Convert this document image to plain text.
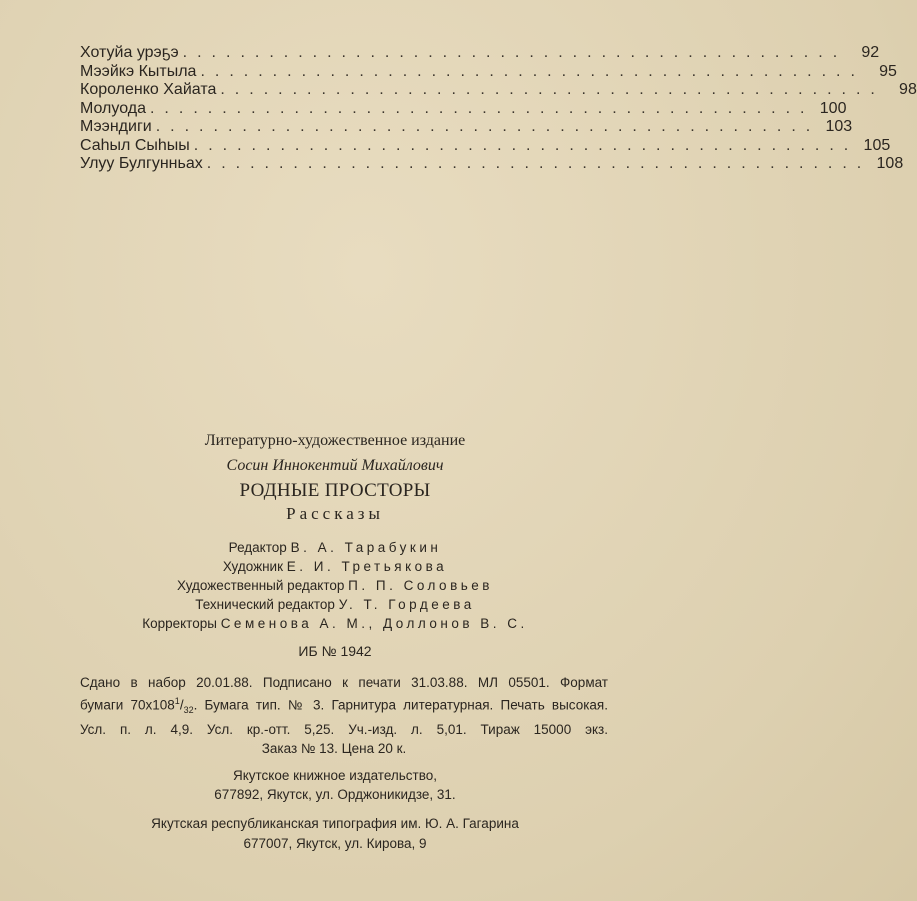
Хотуйа урэҕэ .............................................. 92
Мээйкэ Кытыла .............................................. 95
Короленко Хайата .............................................. 98
Молуода .............................................. 100
Мээндиги .............................................. 103
Саһыл Сыһыы .............................................. 105
Улуу Булгунньах .............................................. 108

Литературно-художественное издание

Сосин Иннокентий Михайлович

РОДНЫЕ ПРОСТОРЫ

Рассказы

Редактор В. А. Тарабукин
Художник Е. И. Третьякова
Художественный редактор П. П. Соловьев
Технический редактор У. Т. Гордеева
Корректоры Семенова А. М., Доллонов В. С.

ИБ № 1942

Сдано в набор 20.01.88. Подписано к печати 31.03.88. МЛ 05501. Формат
бумаги $70x108^1/_{32}$. Бумага тип. № 3. Гарнитура литературная. Печать высокая.
Усл. п. л. 4,9. Усл. кр.-отт. 5,25. Уч.-изд. л. 5,01. Тираж 15000 экз.
Заказ № 13. Цена 20 к.
Якутское книжное издательство,
677892, Якутск, ул. Орджоникидзе, 31.
Якутская республиканская типография им. Ю. А. Гагарина
677007, Якутск, ул. Кирова, 9
